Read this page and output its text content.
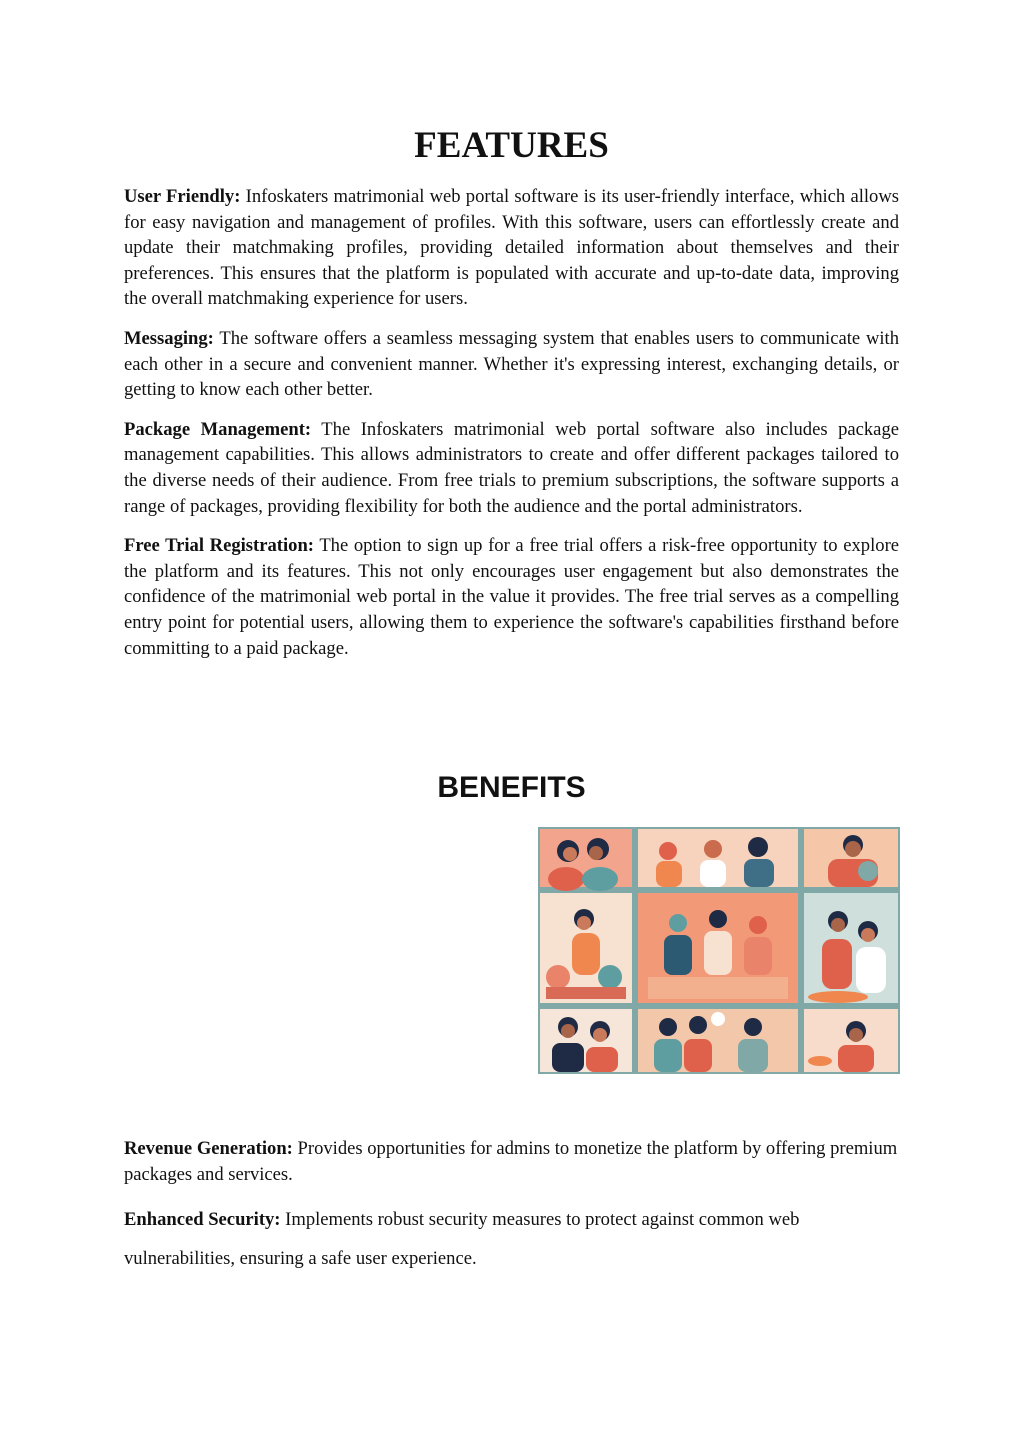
FEATURES

User Friendly: Infoskaters matrimonial web portal software is its user-friendly interface, which allows for easy navigation and management of profiles. With this software, users can effortlessly create and update their matchmaking profiles, providing detailed information about themselves and their preferences. This ensures that the platform is populated with accurate and up-to-date data, improving the overall matchmaking experience for users.

Messaging: The software offers a seamless messaging system that enables users to communicate with each other in a secure and convenient manner. Whether it's expressing interest, exchanging details, or getting to know each other better.

Package Management: The Infoskaters matrimonial web portal software also includes package management capabilities. This allows administrators to create and offer different packages tailored to the diverse needs of their audience. From free trials to premium subscriptions, the software supports a range of packages, providing flexibility for both the audience and the portal administrators.

Free Trial Registration: The option to sign up for a free trial offers a risk-free opportunity to explore the platform and its features. This not only encourages user engagement but also demonstrates the confidence of the matrimonial web portal in the value it provides. The free trial serves as a compelling entry point for potential users, allowing them to experience the software's capabilities firsthand before committing to a paid package.

BENEFITS

Revenue Generation: Provides opportunities for admins to monetize the platform by offering premium packages and services.

Enhanced Security: Implements robust security measures to protect against common web vulnerabilities, ensuring a safe user experience.
